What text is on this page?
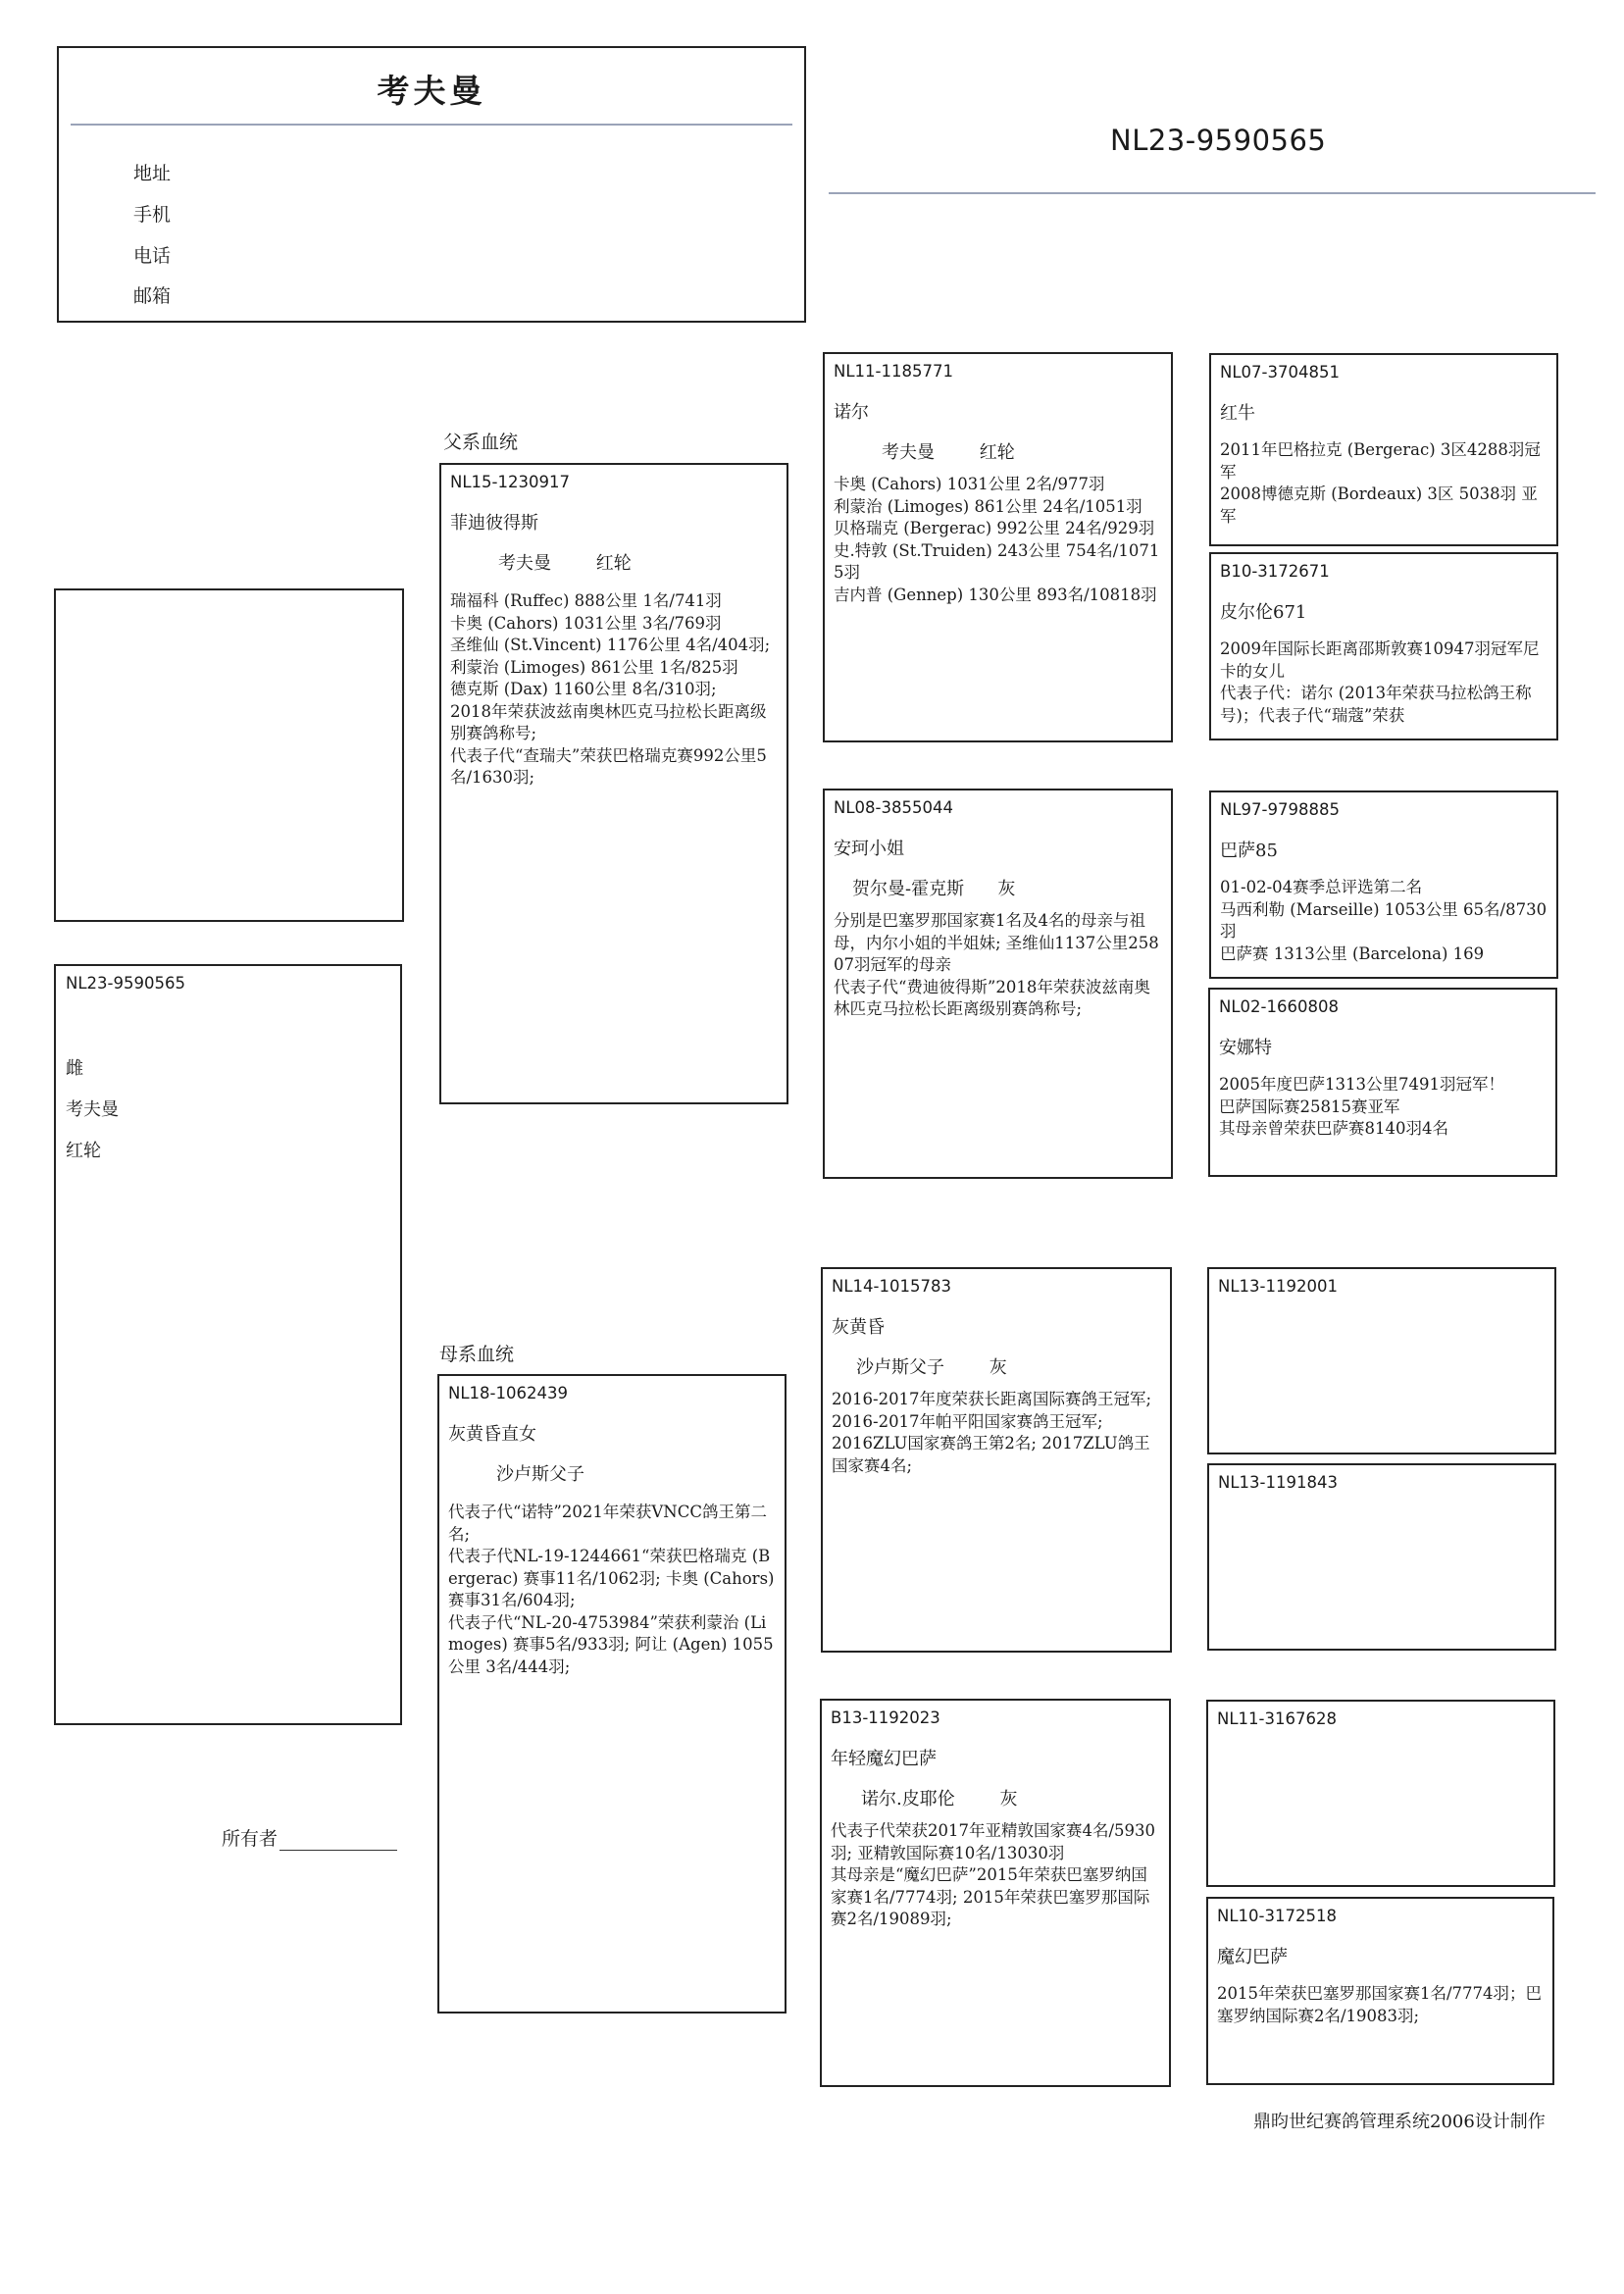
考夫曼
地址
手机
电话
邮箱
NL23-9590565
NL23-9590565
雌
考夫曼
红轮
所有者
父系血统
母系血统
NL15-1230917
菲迪彼得斯
考夫曼        红轮
瑞福科 (Ruffec) 888公里 1名/741羽
卡奥 (Cahors) 1031公里 3名/769羽
圣维仙 (St.Vincent) 1176公里 4名/404羽;
利蒙治 (Limoges) 861公里 1名/825羽
德克斯 (Dax) 1160公里 8名/310羽;
2018年荣获波兹南奥林匹克马拉松长距离级别赛鸽称号;
代表子代“查瑞夫”荣获巴格瑞克赛992公里5名/1630羽;
NL18-1062439
灰黄昏直女
沙卢斯父子
代表子代“诺特”2021年荣获VNCC鸽王第二名;
代表子代NL-19-1244661“荣获巴格瑞克 (Bergerac) 赛事11名/1062羽; 卡奥 (Cahors) 赛事31名/604羽;
代表子代“NL-20-4753984”荣获利蒙治 (Limoges) 赛事5名/933羽; 阿让 (Agen) 1055公里 3名/444羽;
NL11-1185771
诺尔
考夫曼        红轮
卡奥 (Cahors) 1031公里 2名/977羽
利蒙治 (Limoges) 861公里 24名/1051羽
贝格瑞克 (Bergerac) 992公里 24名/929羽
史.特敦 (St.Truiden) 243公里 754名/10715羽
吉内普 (Gennep) 130公里 893名/10818羽
NL08-3855044
安珂小姐
贺尔曼-霍克斯      灰
分别是巴塞罗那国家赛1名及4名的母亲与祖母，内尔小姐的半姐妹; 圣维仙1137公里25807羽冠军的母亲
代表子代“费迪彼得斯”2018年荣获波兹南奥林匹克马拉松长距离级别赛鸽称号;
NL14-1015783
灰黄昏
沙卢斯父子        灰
2016-2017年度荣获长距离国际赛鸽王冠军;
2016-2017年帕平阳国家赛鸽王冠军;
2016ZLU国家赛鸽王第2名; 2017ZLU鸽王国家赛4名;
B13-1192023
年轻魔幻巴萨
诺尔.皮耶伦        灰
代表子代荣获2017年亚精敦国家赛4名/5930羽; 亚精敦国际赛10名/13030羽
其母亲是“魔幻巴萨”2015年荣获巴塞罗纳国家赛1名/7774羽; 2015年荣获巴塞罗那国际赛2名/19089羽;
NL07-3704851
红牛
2011年巴格拉克 (Bergerac) 3区4288羽冠军
2008博德克斯 (Bordeaux) 3区 5038羽 亚军
B10-3172671
皮尔伦671
2009年国际长距离邵斯敦赛10947羽冠军尼卡的女儿
代表子代：诺尔 (2013年荣获马拉松鸽王称号)；代表子代“瑞蔻”荣获
NL97-9798885
巴萨85
01-02-04赛季总评选第二名
马西利勒 (Marseille) 1053公里 65名/8730羽
巴萨赛 1313公里 (Barcelona) 169
NL02-1660808
安娜特
2005年度巴萨1313公里7491羽冠军！
巴萨国际赛25815赛亚军
其母亲曾荣获巴萨赛8140羽4名
NL13-1192001
NL13-1191843
NL11-3167628
NL10-3172518
魔幻巴萨
2015年荣获巴塞罗那国家赛1名/7774羽；巴塞罗纳国际赛2名/19083羽;
鼎昀世纪赛鸽管理系统2006设计制作
